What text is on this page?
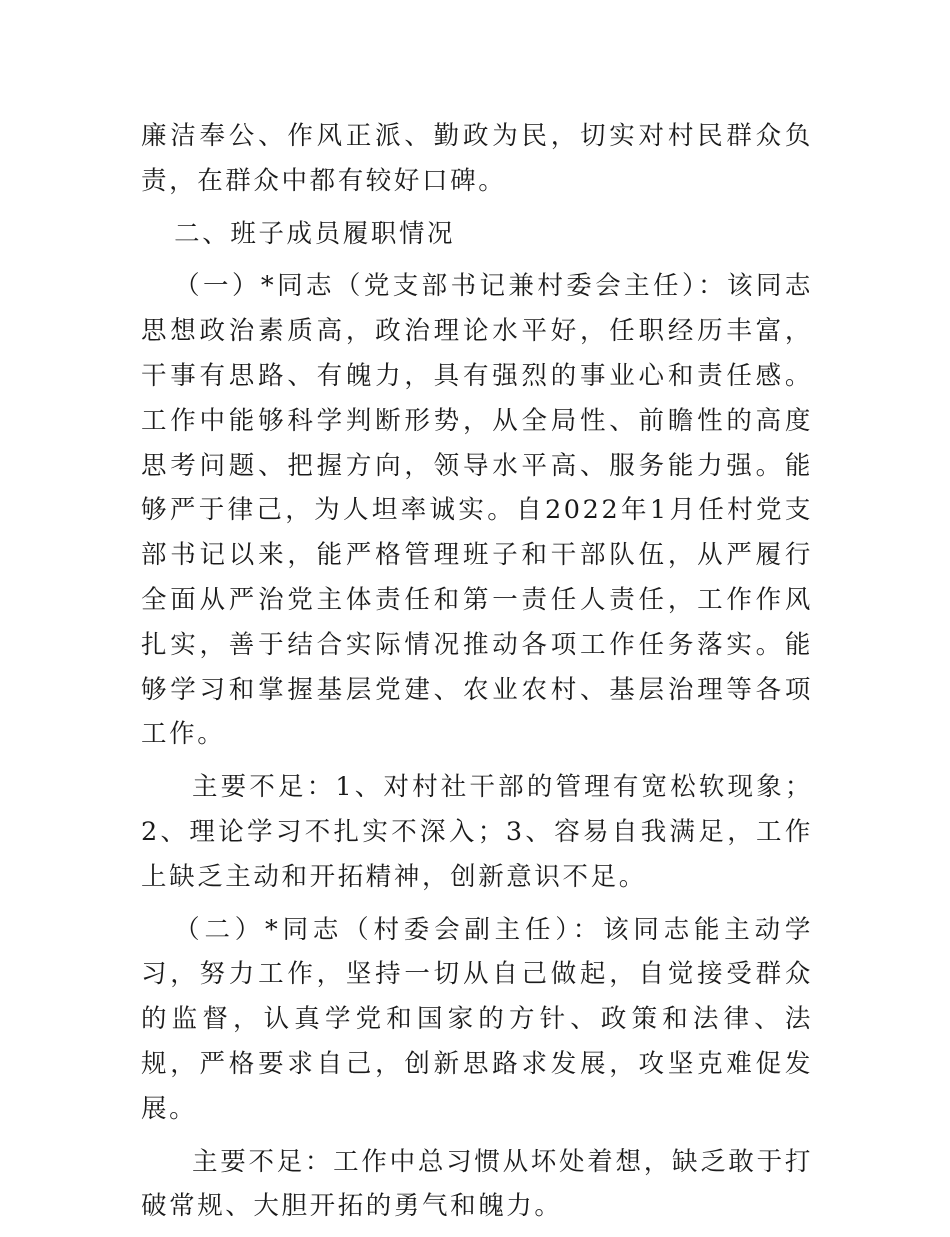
廉洁奉公、作风正派、勤政为民，切实对村民群众负责，在群众中都有较好口碑。

二、班子成员履职情况

（一）*同志（党支部书记兼村委会主任）：该同志思想政治素质高，政治理论水平好，任职经历丰富，干事有思路、有魄力，具有强烈的事业心和责任感。工作中能够科学判断形势，从全局性、前瞻性的高度思考问题、把握方向，领导水平高、服务能力强。能够严于律己，为人坦率诚实。自2022年1月任村党支部书记以来，能严格管理班子和干部队伍，从严履行全面从严治党主体责任和第一责任人责任，工作作风扎实，善于结合实际情况推动各项工作任务落实。能够学习和掌握基层党建、农业农村、基层治理等各项工作。

主要不足：1、对村社干部的管理有宽松软现象；2、理论学习不扎实不深入；3、容易自我满足，工作上缺乏主动和开拓精神，创新意识不足。

（二）*同志（村委会副主任）：该同志能主动学习，努力工作，坚持一切从自己做起，自觉接受群众的监督，认真学党和国家的方针、政策和法律、法规，严格要求自己，创新思路求发展，攻坚克难促发展。

主要不足：工作中总习惯从坏处着想，缺乏敢于打破常规、大胆开拓的勇气和魄力。
